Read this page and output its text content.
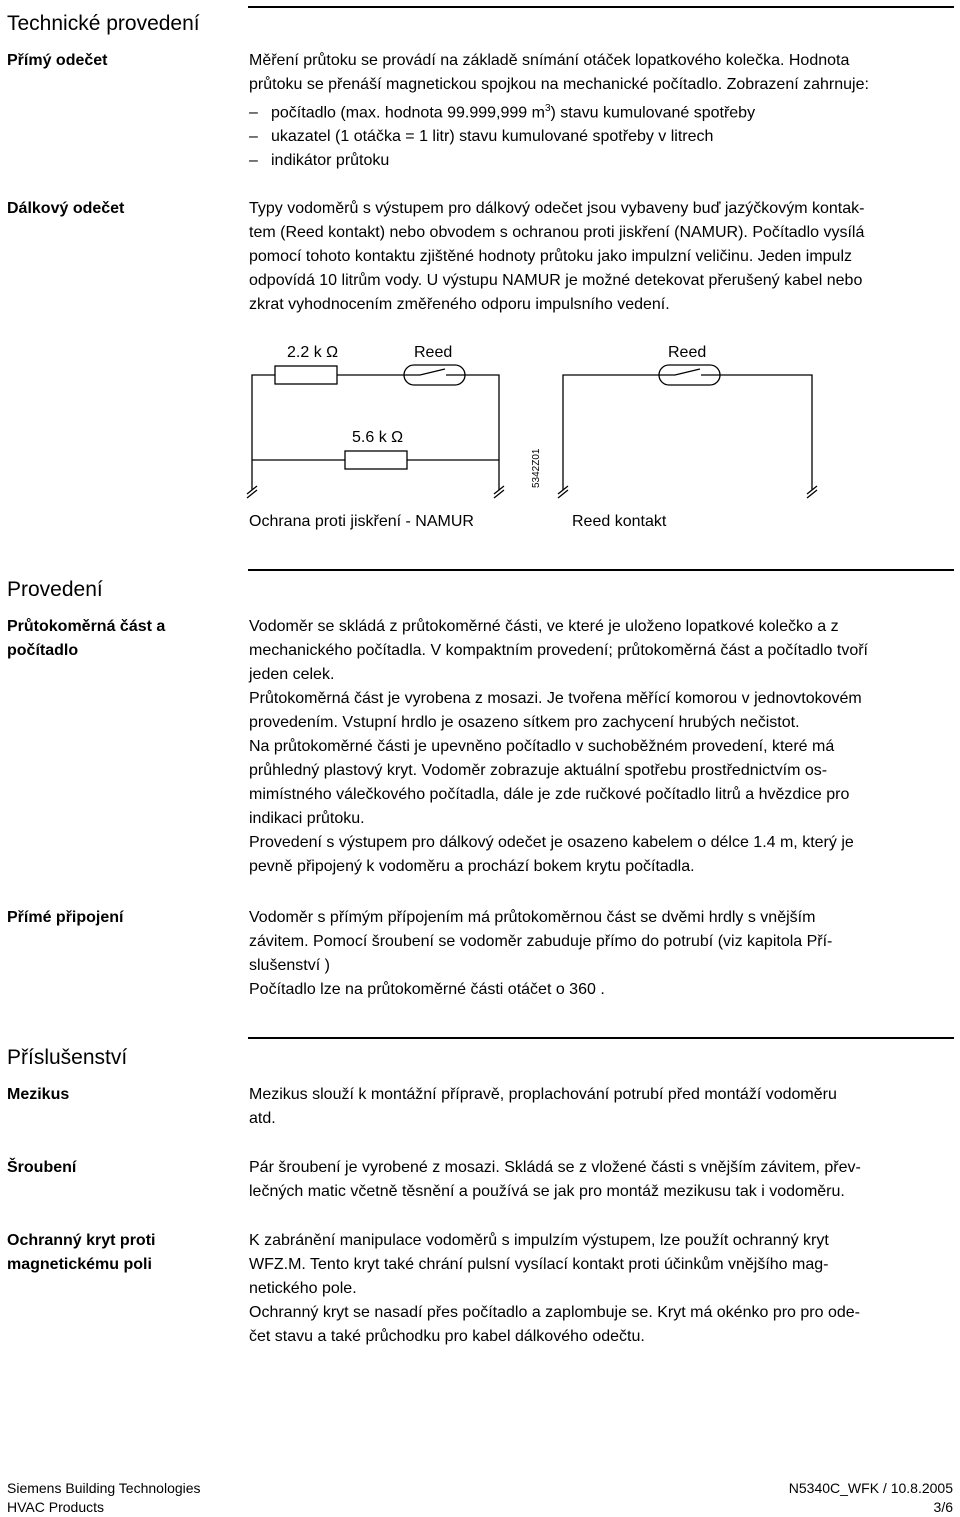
Technické provedení
Přímý odečet	Měření průtoku se provádí na základě snímání otáček lopatkového kolečka. Hodnota

průtoku se přenáší magnetickou spojkou na mechanické počítadlo. Zobrazení zahrnuje:

– počítadlo (max. hodnota 99.999,999 $m^3$) stavu kumulované spotřeby

– ukazatel (1 otáčka = 1 litr) stavu kumulované spotřeby v litrech

– indikátor průtoku

Dálkový odečet	Typy vodoměrů s výstupem pro dálkový odečet jsou vybaveny buď jazýčkovým kontak-

tem (Reed kontakt) nebo obvodem s ochranou proti jiskření (NAMUR). Počítadlo vysílá

pomocí tohoto kontaktu zjištěné hodnoty průtoku jako impulzní veličinu. Jeden impulz

odpovídá 10 litrům vody. U výstupu NAMUR je možné detekovat přerušený kabel nebo

zkrat vyhodnocením změřeného odporu impulsního vedení.

2.2 k Ω	Reed	Reed
5.6 k Ω
5342Z01
Ochrana proti jiskření - NAMUR	Reed kontakt
Provedení
Průtokoměrná část a
počítadlo

Vodoměr se skládá z průtokoměrné části, ve které je uloženo lopatkové kolečko a z

mechanického počítadla. V kompaktním provedení; průtokoměrná část a počítadlo tvoří

jeden celek.

Průtokoměrná část je vyrobena z mosazi. Je tvořena měřící komorou v jednovtokovém

provedením. Vstupní hrdlo je osazeno sítkem pro zachycení hrubých nečistot.

Na průtokoměrné části je upevněno počítadlo v suchoběžném provedení, které má

průhledný plastový kryt. Vodoměr zobrazuje aktuální spotřebu prostřednictvím os-

mimístného válečkového počítadla, dále je zde ručkové počítadlo litrů a hvězdice pro

indikaci průtoku.

Provedení s výstupem pro dálkový odečet je osazeno kabelem o délce 1.4 m, který je

pevně připojený k vodoměru a prochází bokem krytu počítadla.

Přímé připojení	Vodoměr s přímým přípojením má průtokoměrnou část se dvěmi hrdly s vnějším

závitem. Pomocí šroubení se vodoměr zabuduje přímo do potrubí (viz kapitola Pří-

slušenství )

Počítadlo lze na průtokoměrné části otáčet o 360 .

Příslušenství
Mezikus	Mezikus slouží k montážní přípravě, proplachování potrubí před montáží vodoměru

atd.

Šroubení	Pár šroubení je vyrobené z mosazi. Skládá se z vložené části s vnějším závitem, přev-

lečných matic včetně těsnění a používá se jak pro montáž mezikusu tak i vodoměru.

Ochranný kryt proti
magnetickému poli

K zabránění manipulace vodoměrů s impulzím výstupem, lze použít ochranný kryt

WFZ.M. Tento kryt také chrání pulsní vysílací kontakt proti účinkům vnějšího mag-

netického pole.

Ochranný kryt se nasadí přes počítadlo a zaplombuje se. Kryt má okénko pro pro ode-

čet stavu a také průchodku pro kabel dálkového odečtu.

Siemens Building Technologies
HVAC Products
N5340C_WFK / 10.8.2005
3/6
